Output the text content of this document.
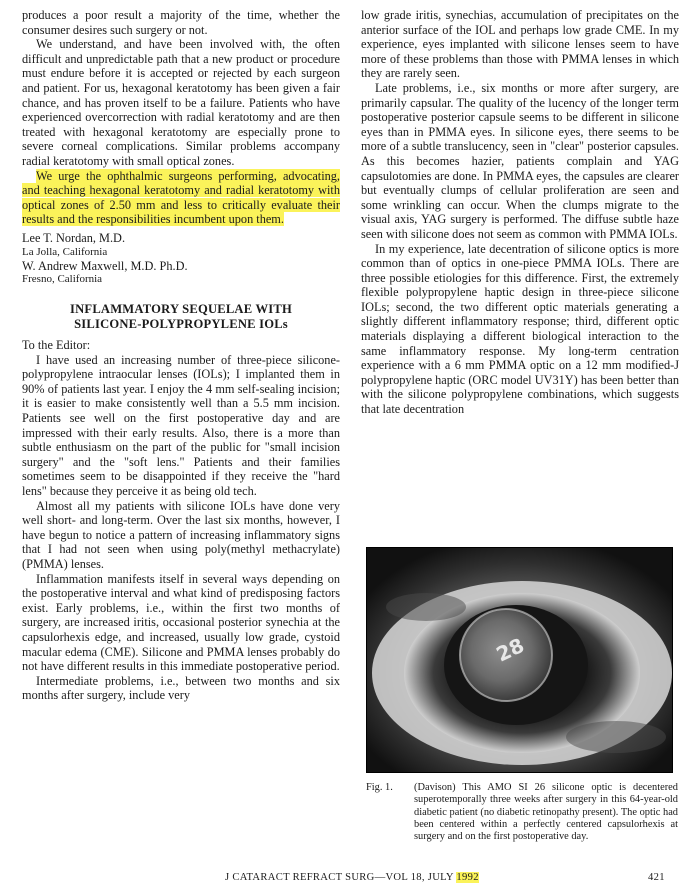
produces a poor result a majority of the time, whether the consumer desires such surgery or not.

We understand, and have been involved with, the often difficult and unpredictable path that a new product or procedure must endure before it is accepted or rejected by each surgeon and patient. For us, hexagonal keratotomy has been given a fair chance, and has proven itself to be a failure. Patients who have experienced overcorrection with radial keratotomy and are then treated with hexagonal keratotomy are especially prone to severe corneal complications. Similar problems accompany radial keratotomy with small optical zones.

We urge the ophthalmic surgeons performing, advocating, and teaching hexagonal keratotomy and radial keratotomy with optical zones of 2.50 mm and less to critically evaluate their results and the responsibilities incumbent upon them.

Lee T. Nordan, M.D.
La Jolla, California
W. Andrew Maxwell, M.D. Ph.D.
Fresno, California
INFLAMMATORY SEQUELAE WITH
SILICONE-POLYPROPYLENE IOLs
To the Editor:

I have used an increasing number of three-piece silicone-polypropylene intraocular lenses (IOLs); I implanted them in 90% of patients last year. I enjoy the 4 mm self-sealing incision; it is easier to make consistently well than a 5.5 mm incision. Patients see well on the first postoperative day and are impressed with their early results. Also, there is a more than subtle enthusiasm on the part of the public for "small incision surgery" and the "soft lens." Patients and their families sometimes seem to be disappointed if they receive the "hard lens" because they perceive it as being old tech.

Almost all my patients with silicone IOLs have done very well short- and long-term. Over the last six months, however, I have begun to notice a pattern of increasing inflammatory signs that I had not seen when using poly(methyl methacrylate) (PMMA) lenses.

Inflammation manifests itself in several ways depending on the postoperative interval and what kind of predisposing factors exist. Early problems, i.e., within the first two months of surgery, are increased iritis, occasional posterior synechia at the capsulorhexis edge, and increased, usually low grade, cystoid macular edema (CME). Silicone and PMMA lenses probably do not have different results in this immediate postoperative period.

Intermediate problems, i.e., between two months and six months after surgery, include very

low grade iritis, synechias, accumulation of precipitates on the anterior surface of the IOL and perhaps low grade CME. In my experience, eyes implanted with silicone lenses seem to have more of these problems than those with PMMA lenses in which they are rarely seen.

Late problems, i.e., six months or more after surgery, are primarily capsular. The quality of the lucency of the longer term postoperative posterior capsule seems to be different in silicone eyes than in PMMA eyes. In silicone eyes, there seems to be more of a subtle translucency, seen in "clear" posterior capsules. As this becomes hazier, patients complain and YAG capsulotomies are done. In PMMA eyes, the capsules are clearer but eventually clumps of cellular proliferation are seen and some wrinkling can occur. When the clumps migrate to the visual axis, YAG surgery is performed. The diffuse subtle haze seen with silicone does not seem as common with PMMA IOLs.

In my experience, late decentration of silicone optics is more common than of optics in one-piece PMMA IOLs. There are three possible etiologies for this difference. First, the extremely flexible polypropylene haptic design in three-piece silicone IOLs; second, the two different optic materials generating a slightly different inflammatory response; third, different optic materials displaying a different biological interaction to the same inflammatory response. My long-term centration experience with a 6 mm PMMA optic on a 12 mm modified-J polypropylene haptic (ORC model UV31Y) has been better than with the silicone polypropylene combinations, which suggests that late decentration

28
Fig. 1.	(Davison) This AMO SI 26 silicone optic is decentered superotemporally three weeks after surgery in this 64-year-old diabetic patient (no diabetic retinopathy present). The optic had been centered within a perfectly centered capsulorhexis at surgery and on the first postoperative day.
J CATARACT REFRACT SURG—VOL 18, JULY 1992	421
